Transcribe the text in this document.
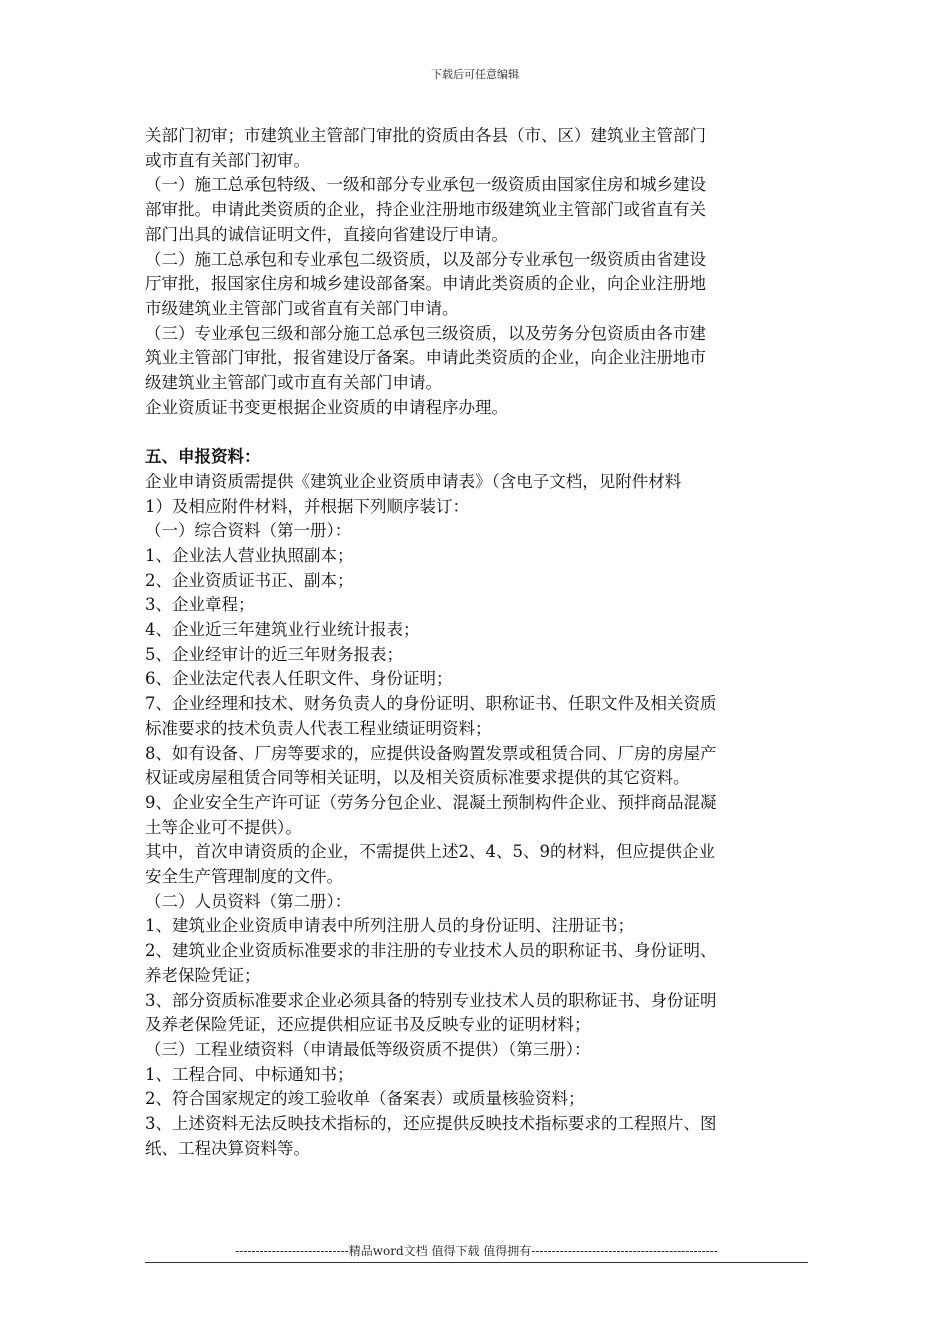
下载后可任意编辑
关部门初审；市建筑业主管部门审批的资质由各县（市、区）建筑业主管部门
或市直有关部门初审。
（一）施工总承包特级、一级和部分专业承包一级资质由国家住房和城乡建设
部审批。申请此类资质的企业，持企业注册地市级建筑业主管部门或省直有关
部门出具的诚信证明文件，直接向省建设厅申请。
（二）施工总承包和专业承包二级资质，以及部分专业承包一级资质由省建设
厅审批，报国家住房和城乡建设部备案。申请此类资质的企业，向企业注册地
市级建筑业主管部门或省直有关部门申请。
（三）专业承包三级和部分施工总承包三级资质，以及劳务分包资质由各市建
筑业主管部门审批，报省建设厅备案。申请此类资质的企业，向企业注册地市
级建筑业主管部门或市直有关部门申请。
企业资质证书变更根据企业资质的申请程序办理。
五、申报资料：
企业申请资质需提供《建筑业企业资质申请表》（含电子文档，见附件材料
1）及相应附件材料，并根据下列顺序装订：
（一）综合资料（第一册）：
1、企业法人营业执照副本；
2、企业资质证书正、副本；
3、企业章程；
4、企业近三年建筑业行业统计报表；
5、企业经审计的近三年财务报表；
6、企业法定代表人任职文件、身份证明；
7、企业经理和技术、财务负责人的身份证明、职称证书、任职文件及相关资质
标准要求的技术负责人代表工程业绩证明资料；
8、如有设备、厂房等要求的，应提供设备购置发票或租赁合同、厂房的房屋产
权证或房屋租赁合同等相关证明，以及相关资质标准要求提供的其它资料。
9、企业安全生产许可证（劳务分包企业、混凝土预制构件企业、预拌商品混凝
土等企业可不提供）。
其中，首次申请资质的企业，不需提供上述2、4、5、9的材料，但应提供企业
安全生产管理制度的文件。
（二）人员资料（第二册）：
1、建筑业企业资质申请表中所列注册人员的身份证明、注册证书；
2、建筑业企业资质标准要求的非注册的专业技术人员的职称证书、身份证明、
养老保险凭证；
3、部分资质标准要求企业必须具备的特别专业技术人员的职称证书、身份证明
及养老保险凭证，还应提供相应证书及反映专业的证明材料；
（三）工程业绩资料（申请最低等级资质不提供）（第三册）：
1、工程合同、中标通知书；
2、符合国家规定的竣工验收单（备案表）或质量核验资料；
3、上述资料无法反映技术指标的，还应提供反映技术指标要求的工程照片、图
纸、工程决算资料等。
----------------------------精品word文档 值得下载 值得拥有----------------------------------------------
